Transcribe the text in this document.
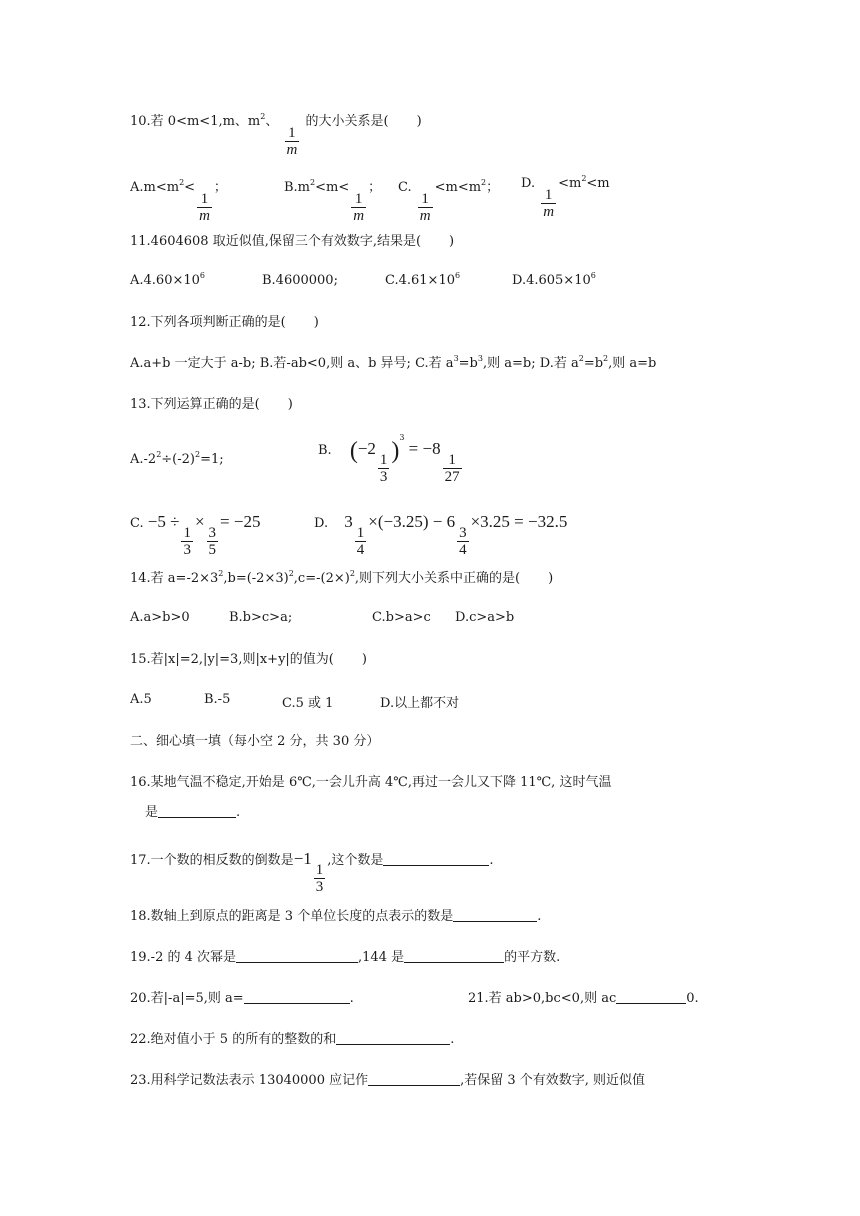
10.若 0<m<1,m、$m^2$、
$\frac{1}{m}$
的大小关系是( )
$A.m<m^2<$
$\frac{1}{m}$
；	$B.m^2<m<$
$\frac{1}{m}$
； C.
$\frac{1}{m}$
$<m<m^2$； D.
$\frac{1}{m}$
$<m^2<m$
11.4604608 取近似值,保留三个有效数字,结果是( )
$A.4.60\times 10^6$	B.4600000;	$C.4.61\times 10^6$	$D.4.605\times 10^6$
12.下列各项判断正确的是( )
A.a+b 一定大于 a-b; B.若-ab<0,则 a、b 异号; C.若 $a^3=b^3$,则 a=b; D.若 $a^2=b^2$,则 a=b
13.下列运算正确的是( )
$A.-2^2\div(-2)^2=1$;
B. (−2
$\frac{1}{3}$
)$^3$ = −8
$\frac{1}{27}$
C. −5 ÷
$\frac{1}{3}$
×
$\frac{3}{5}$
= −25	D. 3
$\frac{1}{4}$
×(−3.25) − 6
$\frac{3}{4}$
×3.25 = −32.5
14.若 $a=-2\times 3^2,b=(-2\times 3)^2,c=-(2\times)^2$,则下列大小关系中正确的是( )
A.a>b>0	B.b>c>a;	C.b>a>c D.c>a>b
15.若|x|=2,|y|=3,则|x+y|的值为( )
A.5	B.-5	C.5 或 1	D.以上都不对
二、细心填一填（每小空 2 分，共 30 分）
16.某地气温不稳定,开始是 6℃,一会儿升高 4℃,再过一会儿又下降 11℃, 这时气温
是	.
17.一个数的相反数的倒数是−1
$\frac{1}{3}$
,这个数是	.
18.数轴上到原点的距离是 3 个单位长度的点表示的数是	.
19.-2 的 4 次幂是	,144 是	的平方数.
20.若|-a|=5,则 a=	.	21.若 ab>0,bc<0,则 ac	0.
22.绝对值小于 5 的所有的整数的和	.
23.用科学记数法表示 13040000 应记作	,若保留 3 个有效数字, 则近似值
